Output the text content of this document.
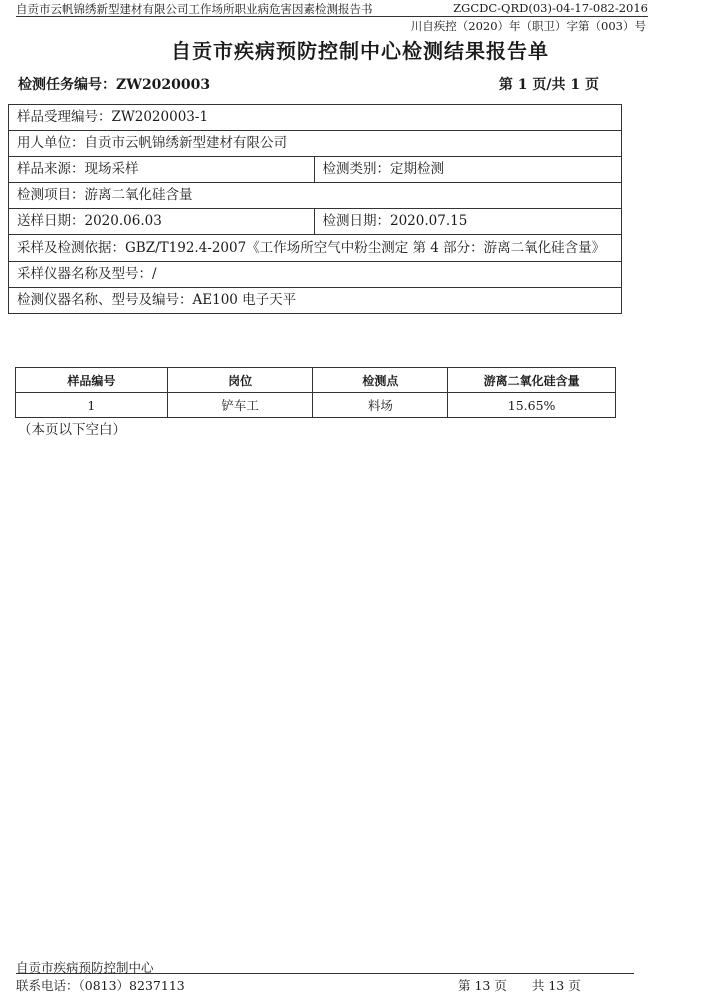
自贡市云帆锦绣新型建材有限公司工作场所职业病危害因素检测报告书	ZGCDC-QRD(03)-04-17-082-2016
川自疾控（2020）年（职卫）字第（003）号
自贡市疾病预防控制中心检测结果报告单
检测任务编号：ZW2020003	第 1 页/共 1 页
样品受理编号：ZW2020003-1	
用人单位：自贡市云帆锦绣新型建材有限公司	
样品来源：现场采样	检测类别：定期检测
检测项目：游离二氧化硅含量	
送样日期：2020.06.03	检测日期：2020.07.15
采样及检测依据：GBZ/T192.4-2007《工作场所空气中粉尘测定 第 4 部分：游离二氧化硅含量》	
采样仪器名称及型号：/	
检测仪器名称、型号及编号：AE100 电子天平	
样品编号	岗位	检测点	游离二氧化硅含量
1	铲车工	料场	15.65%
（本页以下空白）
自贡市疾病预防控制中心
联系电话：（0813）8237113	第 13 页　　共 13 页
